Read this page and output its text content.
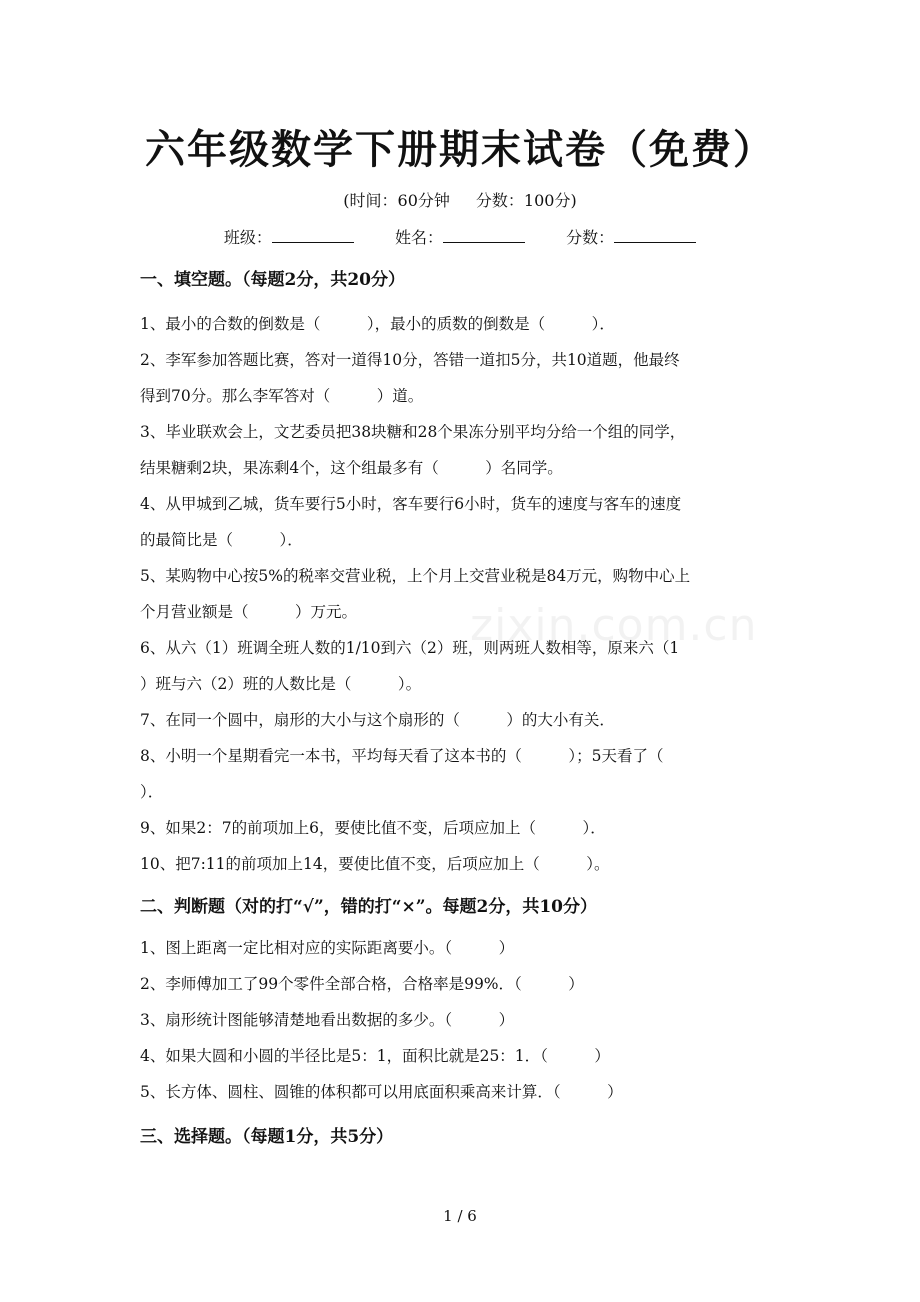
六年级数学下册期末试卷（免费）
(时间：60分钟 分数：100分)
班级：	姓名：	分数：
一、填空题。（每题2分，共20分）
1、最小的合数的倒数是（　　　），最小的质数的倒数是（　　　）．
2、李军参加答题比赛，答对一道得10分，答错一道扣5分，共10道题，他最终
得到70分。那么李军答对（　　　）道。
3、毕业联欢会上，文艺委员把38块糖和28个果冻分别平均分给一个组的同学，
结果糖剩2块，果冻剩4个，这个组最多有（　　　）名同学。
4、从甲城到乙城，货车要行5小时，客车要行6小时，货车的速度与客车的速度
的最简比是（　　　）．
5、某购物中心按5%的税率交营业税，上个月上交营业税是84万元，购物中心上
个月营业额是（　　　）万元。
6、从六（1）班调全班人数的1/10到六（2）班，则两班人数相等，原来六（1
）班与六（2）班的人数比是（　　　）。
7、在同一个圆中，扇形的大小与这个扇形的（　　　）的大小有关．
8、小明一个星期看完一本书，平均每天看了这本书的（　　　）；5天看了（
）．
9、如果2：7的前项加上6，要使比值不变，后项应加上（　　　）．
10、把7:11的前项加上14，要使比值不变，后项应加上（　　　）。
二、判断题（对的打“√”，错的打“×”。每题2分，共10分）
1、图上距离一定比相对应的实际距离要小。（　　　）
2、李师傅加工了99个零件全部合格，合格率是99%．（　　　）
3、扇形统计图能够清楚地看出数据的多少。（　　　）
4、如果大圆和小圆的半径比是5：1，面积比就是25：1．（　　　）
5、长方体、圆柱、圆锥的体积都可以用底面积乘高来计算．（　　　）
三、选择题。（每题1分，共5分）
zixin.com.cn
1 / 6
